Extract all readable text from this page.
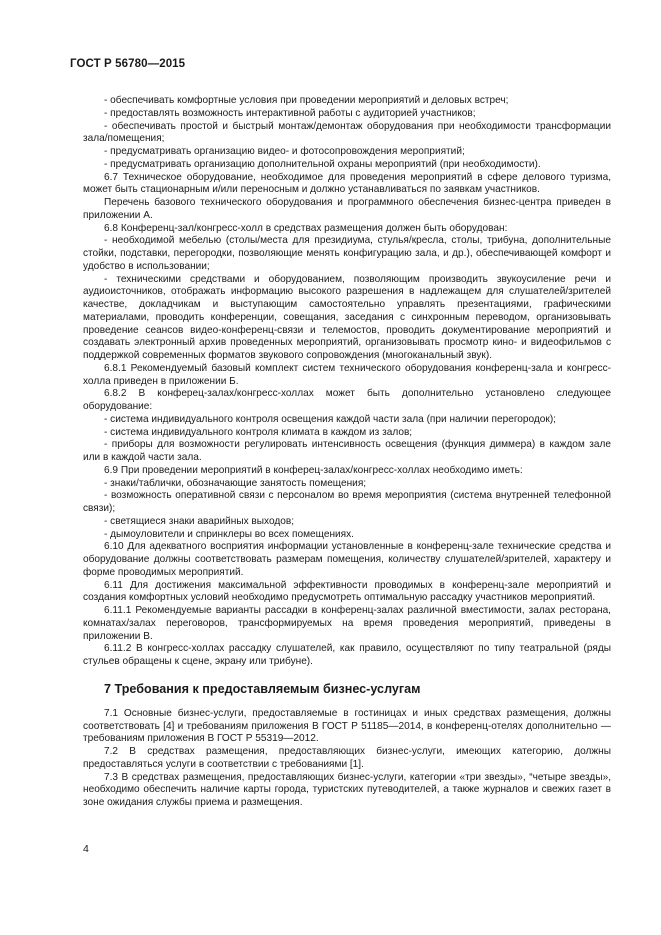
ГОСТ Р 56780—2015

- обеспечивать комфортные условия при проведении мероприятий и деловых встреч;

- предоставлять возможность интерактивной работы с аудиторией участников;

- обеспечивать простой и быстрый монтаж/демонтаж оборудования при необходимости трансформации зала/помещения;

- предусматривать организацию видео- и фотосопровождения мероприятий;

- предусматривать организацию дополнительной охраны мероприятий (при необходимости).

6.7 Техническое оборудование, необходимое для проведения мероприятий в сфере делового туризма, может быть стационарным и/или переносным и должно устанавливаться по заявкам участников.

Перечень базового технического оборудования и программного обеспечения бизнес-центра приведен в приложении А.

6.8 Конференц-зал/конгресс-холл в средствах размещения должен быть оборудован:

- необходимой мебелью (столы/места для президиума, стулья/кресла, столы, трибуна, дополнительные стойки, подставки, перегородки, позволяющие менять конфигурацию зала, и др.), обеспечивающей комфорт и удобство в использовании;

- техническими средствами и оборудованием, позволяющим производить звукоусиление речи и аудиоисточников, отображать информацию высокого разрешения в надлежащем для слушателей/зрителей качестве, докладчикам и выступающим самостоятельно управлять презентациями, графическими материалами, проводить конференции, совещания, заседания с синхронным переводом, организовывать проведение сеансов видео-конференц-связи и телемостов, проводить документирование мероприятий и создавать электронный архив проведенных мероприятий, организовывать просмотр кино- и видеофильмов с поддержкой современных форматов звукового сопровождения (многоканальный звук).

6.8.1 Рекомендуемый базовый комплект систем технического оборудования конференц-зала и конгресс-холла приведен в приложении Б.

6.8.2 В конферец-залах/конгресс-холлах может быть дополнительно установлено следующее оборудование:

- система индивидуального контроля освещения каждой части зала (при наличии перегородок);

- система индивидуального контроля климата в каждом из залов;

- приборы для возможности регулировать интенсивность освещения (функция диммера) в каждом зале или в каждой части зала.

6.9 При проведении мероприятий в конферец-залах/конгресс-холлах необходимо иметь:

- знаки/таблички, обозначающие занятость помещения;

- возможность оперативной связи с персоналом во время мероприятия (система внутренней телефонной связи);

- светящиеся знаки аварийных выходов;

- дымоуловители и спринклеры во всех помещениях.

6.10 Для адекватного восприятия информации установленные в конференц-зале технические средства и оборудование должны соответствовать размерам помещения, количеству слушателей/зрителей, характеру и форме проводимых мероприятий.

6.11 Для достижения максимальной эффективности проводимых в конференц-зале мероприятий и создания комфортных условий необходимо предусмотреть оптимальную рассадку участников мероприятий.

6.11.1 Рекомендуемые варианты рассадки в конференц-залах различной вместимости, залах ресторана, комнатах/залах переговоров, трансформируемых на время проведения мероприятий, приведены в приложении В.

6.11.2 В конгресс-холлах рассадку слушателей, как правило, осуществляют по типу театральной (ряды стульев обращены к сцене, экрану или трибуне).

7 Требования к предоставляемым бизнес-услугам

7.1 Основные бизнес-услуги, предоставляемые в гостиницах и иных средствах размещения, должны соответствовать [4] и требованиям приложения В ГОСТ Р 51185—2014, в конференц-отелях дополнительно — требованиям приложения В ГОСТ Р 55319—2012.

7.2 В средствах размещения, предоставляющих бизнес-услуги, имеющих категорию, должны предоставляться услуги в соответствии с требованиями [1].

7.3 В средствах размещения, предоставляющих бизнес-услуги, категории «три звезды», “четыре звезды», необходимо обеспечить наличие карты города, туристских путеводителей, а также журналов и свежих газет в зоне ожидания службы приема и размещения.

4
